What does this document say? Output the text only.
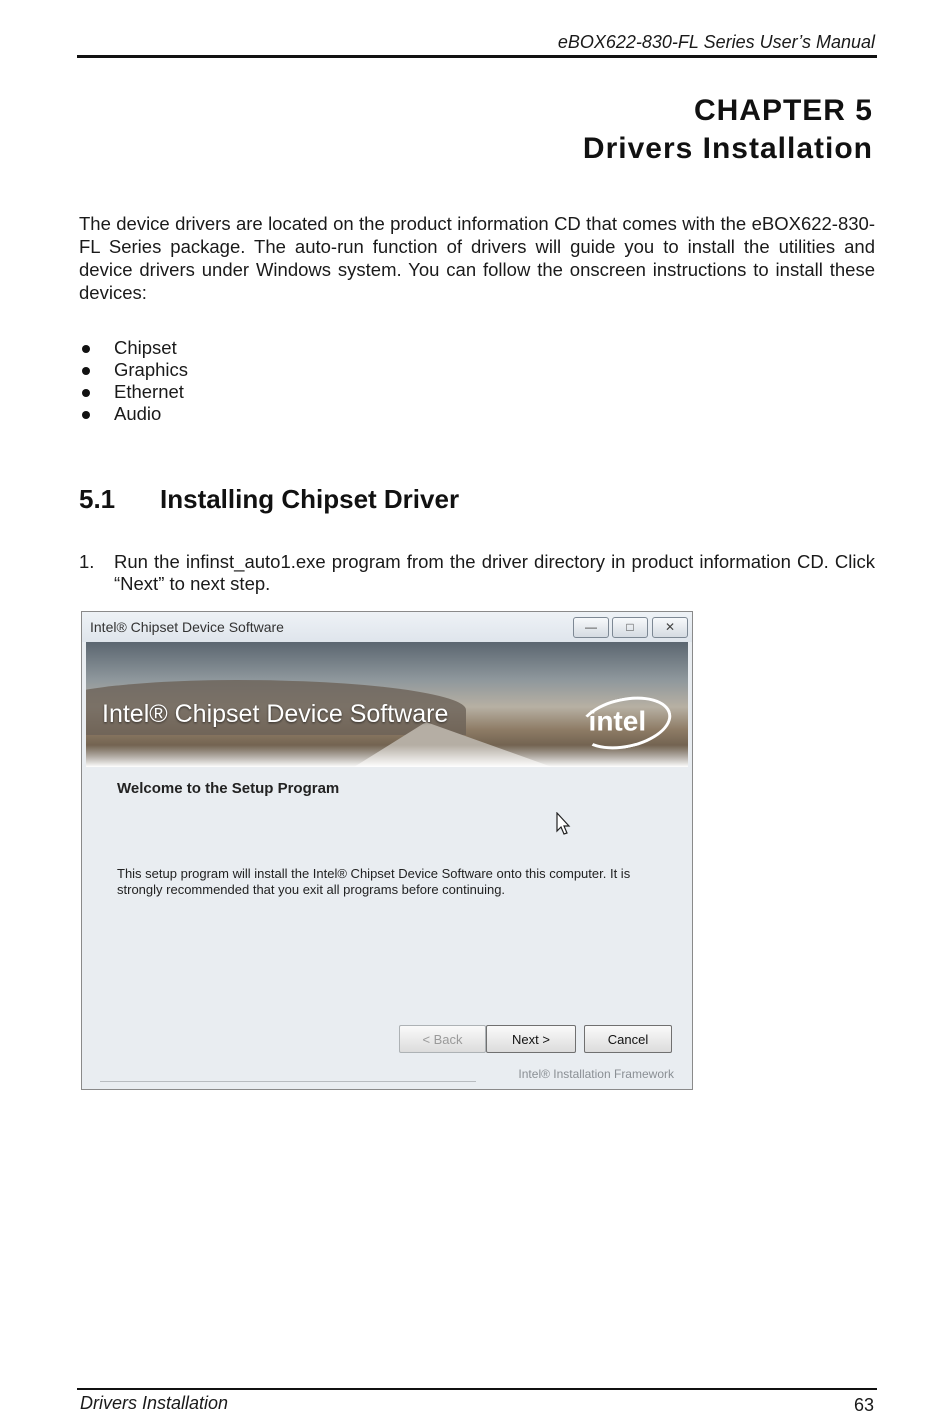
eBOX622-830-FL Series User’s Manual
CHAPTER 5
Drivers Installation

The device drivers are located on the product information CD that comes with the eBOX622-830-FL Series package. The auto-run function of drivers will guide you to install the utilities and device drivers under Windows system. You can follow the onscreen instructions to install these devices:

Chipset
Graphics
Ethernet
Audio
5.1 Installing Chipset Driver
1. Run the infinst_auto1.exe program from the driver directory in product information CD. Click “Next” to next step.
Intel® Chipset Device Software	—	□	✕
Intel® Chipset Device Software	intel
Welcome to the Setup Program
This setup program will install the Intel® Chipset Device Software onto this computer. It is strongly recommended that you exit all programs before continuing.
< Back	Next >	Cancel
Intel® Installation Framework
Drivers Installation	63
